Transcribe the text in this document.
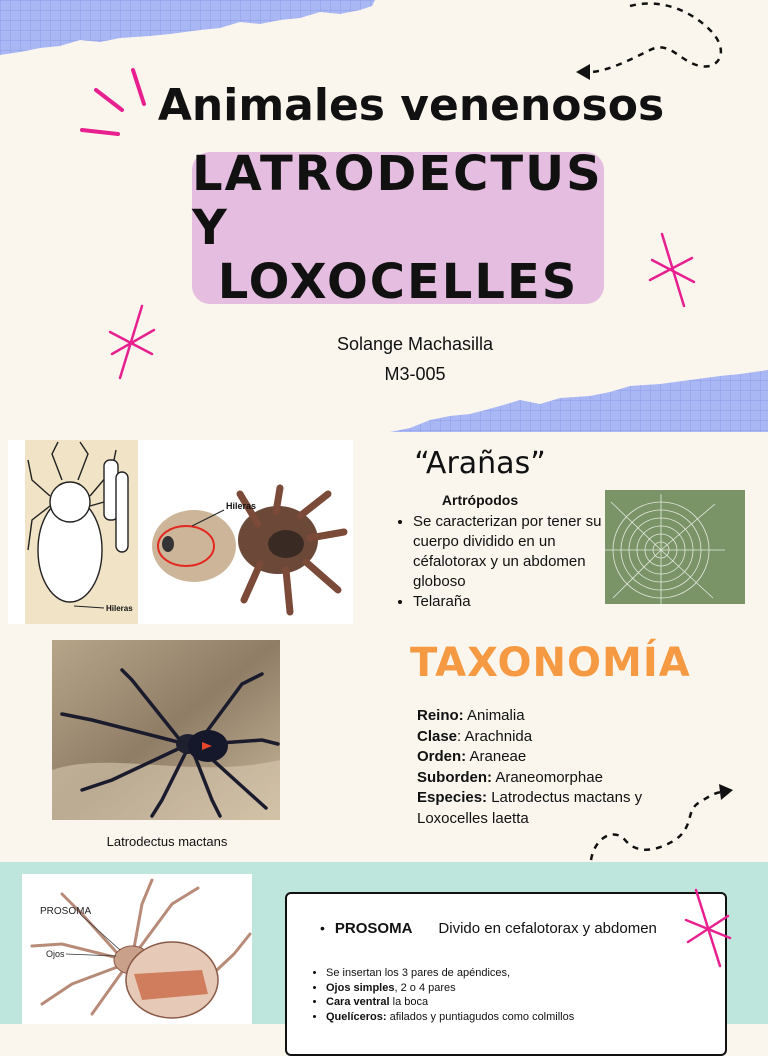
Animales venenosos
LATRODECTUS Y
LOXOCELLES
Solange Machasilla
M3-005
Hileras
Hileras
“Arañas”
Artrópodos
• Se caracterizan por tener su cuerpo dividido en un céfalotorax y un abdomen globoso
• Telaraña
Latrodectus mactans
TAXONOMÍA

Reino: Animalia

Clase: Arachnida

Orden: Araneae

Suborden: Araneomorphae

Especies: Latrodectus mactans y Loxocelles laetta

PROSOMA
Ojos
• PROSOMA Divido en cefalotorax y abdomen
• Se insertan los 3 pares de apéndices,
• Ojos simples, 2 o 4 pares
• Cara ventral la boca
• Quelíceros: afilados y puntiagudos como colmillos
